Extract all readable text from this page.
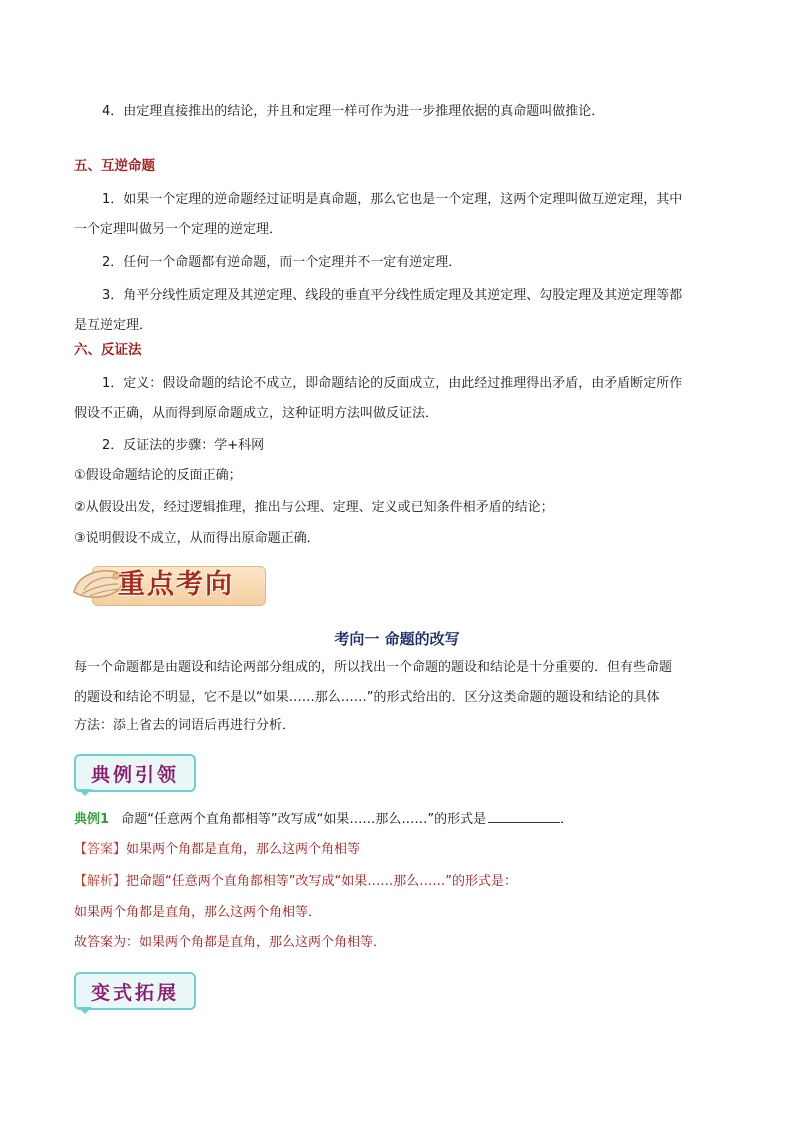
4．由定理直接推出的结论，并且和定理一样可作为进一步推理依据的真命题叫做推论．
五、互逆命题
1．如果一个定理的逆命题经过证明是真命题，那么它也是一个定理，这两个定理叫做互逆定理，其中
一个定理叫做另一个定理的逆定理．
2．任何一个命题都有逆命题，而一个定理并不一定有逆定理．
3．角平分线性质定理及其逆定理、线段的垂直平分线性质定理及其逆定理、勾股定理及其逆定理等都
是互逆定理．
六、反证法
1．定义：假设命题的结论不成立，即命题结论的反面成立，由此经过推理得出矛盾，由矛盾断定所作
假设不正确，从而得到原命题成立，这种证明方法叫做反证法．
2．反证法的步骤：学+科网
①假设命题结论的反面正确；
②从假设出发，经过逻辑推理，推出与公理、定理、定义或已知条件相矛盾的结论；
③说明假设不成立，从而得出原命题正确．
重点考向
考向一 命题的改写
每一个命题都是由题设和结论两部分组成的，所以找出一个命题的题设和结论是十分重要的．但有些命题
的题设和结论不明显，它不是以“如果……那么……”的形式给出的．区分这类命题的题设和结论的具体
方法：添上省去的词语后再进行分析．
典例引领
典例1 命题“任意两个直角都相等”改写成“如果……那么……”的形式是	．
【答案】如果两个角都是直角，那么这两个角相等
【解析】把命题“任意两个直角都相等”改写成“如果……那么……”的形式是：
如果两个角都是直角，那么这两个角相等．
故答案为：如果两个角都是直角，那么这两个角相等．
变式拓展
